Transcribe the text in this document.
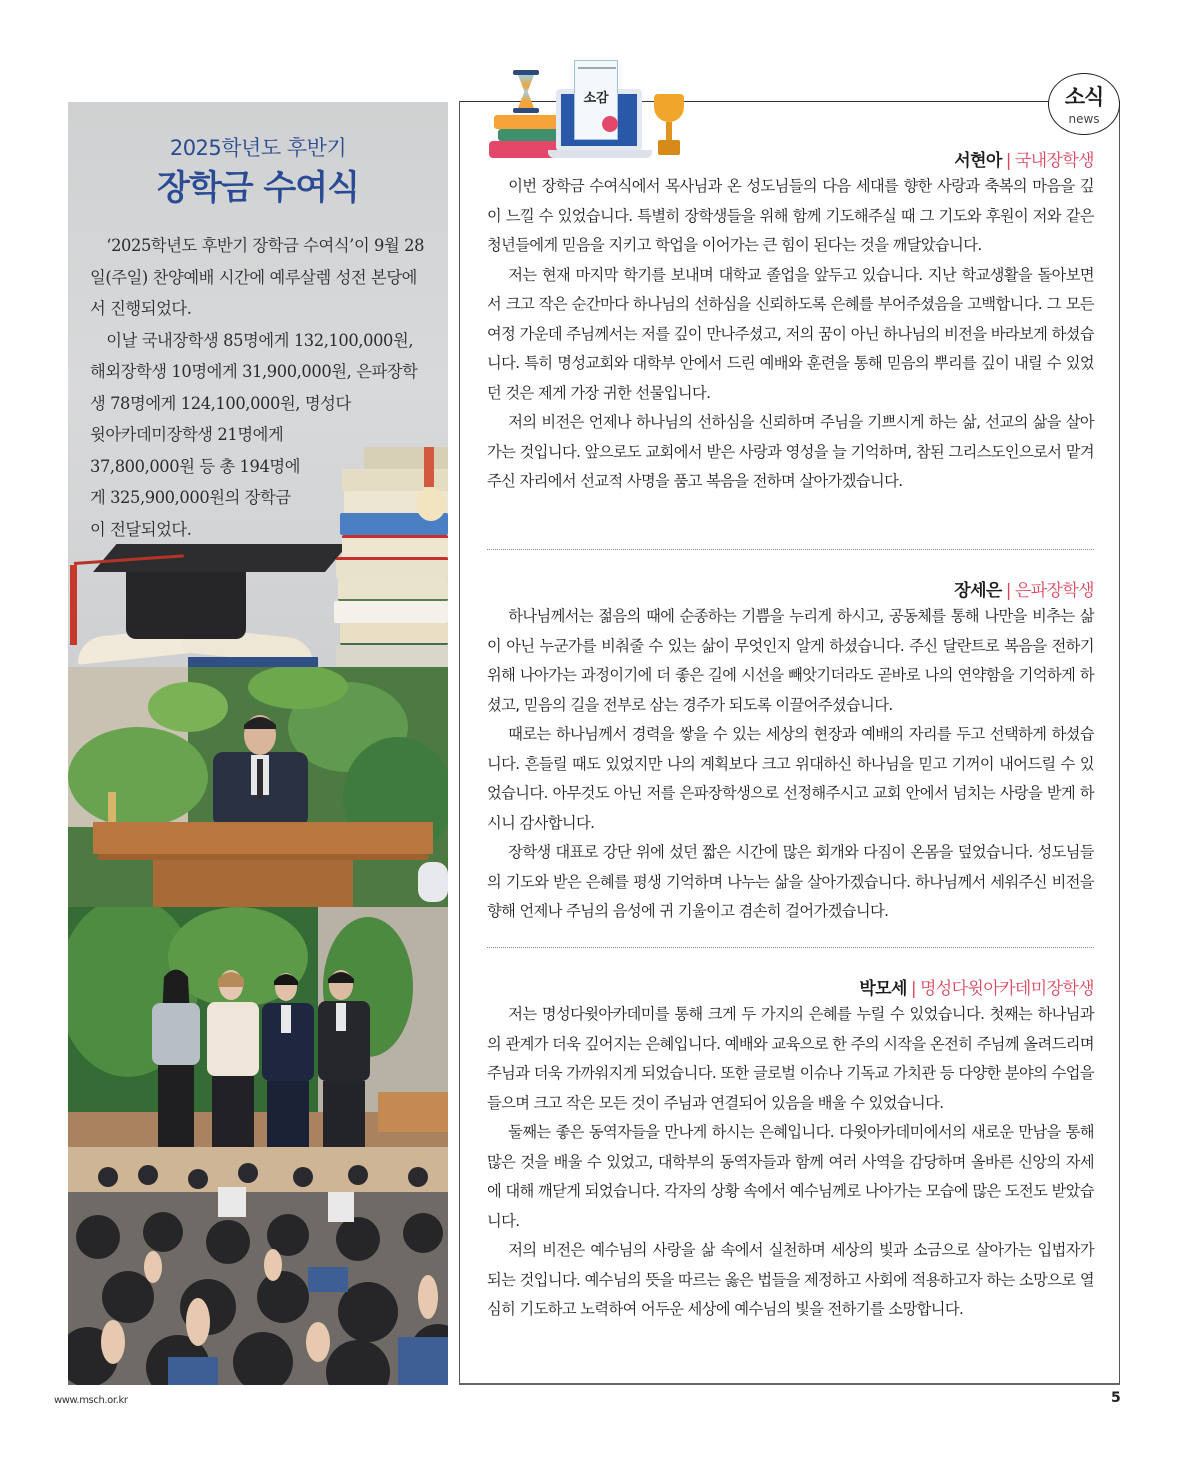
2025학년도 후반기
장학금 수여식

‘2025학년도 후반기 장학금 수여식’이 9월 28일(주일) 찬양예배 시간에 예루살렘 성전 본당에서 진행되었다.

이날 국내장학생 85명에게 132,100,000원, 해외장학생 10명에게 31,900,000원, 은파장학생 78명에게 124,100,000원, 명성다

윗아카데미장학생 21명에게
37,800,000원 등 총 194명에
게 325,900,000원의 장학금
이 전달되었다.
소감	소식
news
서현아 | 국내장학생

이번 장학금 수여식에서 목사님과 온 성도님들의 다음 세대를 향한 사랑과 축복의 마음을 깊이 느낄 수 있었습니다. 특별히 장학생들을 위해 함께 기도해주실 때 그 기도와 후원이 저와 같은 청년들에게 믿음을 지키고 학업을 이어가는 큰 힘이 된다는 것을 깨달았습니다.

저는 현재 마지막 학기를 보내며 대학교 졸업을 앞두고 있습니다. 지난 학교생활을 돌아보면서 크고 작은 순간마다 하나님의 선하심을 신뢰하도록 은혜를 부어주셨음을 고백합니다. 그 모든 여정 가운데 주님께서는 저를 깊이 만나주셨고, 저의 꿈이 아닌 하나님의 비전을 바라보게 하셨습니다. 특히 명성교회와 대학부 안에서 드린 예배와 훈련을 통해 믿음의 뿌리를 깊이 내릴 수 있었던 것은 제게 가장 귀한 선물입니다.

저의 비전은 언제나 하나님의 선하심을 신뢰하며 주님을 기쁘시게 하는 삶, 선교의 삶을 살아가는 것입니다. 앞으로도 교회에서 받은 사랑과 영성을 늘 기억하며, 참된 그리스도인으로서 맡겨주신 자리에서 선교적 사명을 품고 복음을 전하며 살아가겠습니다.

장세은 | 은파장학생

하나님께서는 젊음의 때에 순종하는 기쁨을 누리게 하시고, 공동체를 통해 나만을 비추는 삶이 아닌 누군가를 비춰줄 수 있는 삶이 무엇인지 알게 하셨습니다. 주신 달란트로 복음을 전하기 위해 나아가는 과정이기에 더 좋은 길에 시선을 빼앗기더라도 곧바로 나의 연약함을 기억하게 하셨고, 믿음의 길을 전부로 삼는 경주가 되도록 이끌어주셨습니다.

때로는 하나님께서 경력을 쌓을 수 있는 세상의 현장과 예배의 자리를 두고 선택하게 하셨습니다. 흔들릴 때도 있었지만 나의 계획보다 크고 위대하신 하나님을 믿고 기꺼이 내어드릴 수 있었습니다. 아무것도 아닌 저를 은파장학생으로 선정해주시고 교회 안에서 넘치는 사랑을 받게 하시니 감사합니다.

장학생 대표로 강단 위에 섰던 짧은 시간에 많은 회개와 다짐이 온몸을 덮었습니다. 성도님들의 기도와 받은 은혜를 평생 기억하며 나누는 삶을 살아가겠습니다. 하나님께서 세워주신 비전을 향해 언제나 주님의 음성에 귀 기울이고 겸손히 걸어가겠습니다.

박모세 | 명성다윗아카데미장학생

저는 명성다윗아카데미를 통해 크게 두 가지의 은혜를 누릴 수 있었습니다. 첫째는 하나님과의 관계가 더욱 깊어지는 은혜입니다. 예배와 교육으로 한 주의 시작을 온전히 주님께 올려드리며 주님과 더욱 가까워지게 되었습니다. 또한 글로벌 이슈나 기독교 가치관 등 다양한 분야의 수업을 들으며 크고 작은 모든 것이 주님과 연결되어 있음을 배울 수 있었습니다.

둘째는 좋은 동역자들을 만나게 하시는 은혜입니다. 다윗아카데미에서의 새로운 만남을 통해 많은 것을 배울 수 있었고, 대학부의 동역자들과 함께 여러 사역을 감당하며 올바른 신앙의 자세에 대해 깨닫게 되었습니다. 각자의 상황 속에서 예수님께로 나아가는 모습에 많은 도전도 받았습니다.

저의 비전은 예수님의 사랑을 삶 속에서 실천하며 세상의 빛과 소금으로 살아가는 입법자가 되는 것입니다. 예수님의 뜻을 따르는 옳은 법들을 제정하고 사회에 적용하고자 하는 소망으로 열심히 기도하고 노력하여 어두운 세상에 예수님의 빛을 전하기를 소망합니다.

www.msch.or.kr	5
